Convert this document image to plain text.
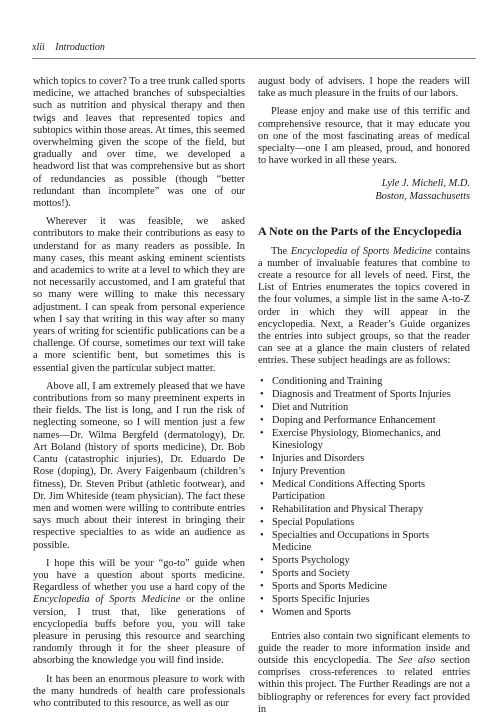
xlii Introduction

which topics to cover? To a tree trunk called sports medicine, we attached branches of subspecialties such as nutrition and physical therapy and then twigs and leaves that represented topics and subtopics within those areas. At times, this seemed overwhelming given the scope of the field, but gradually and over time, we developed a headword list that was comprehensive but as short of redundancies as possible (though “better redundant than incomplete” was one of our mottos!).

Wherever it was feasible, we asked contributors to make their contributions as easy to understand for as many readers as possible. In many cases, this meant asking eminent scientists and academics to write at a level to which they are not necessarily accustomed, and I am grateful that so many were willing to make this necessary adjustment. I can speak from personal experience when I say that writing in this way after so many years of writing for scientific publications can be a challenge. Of course, sometimes our text will take a more scientific bent, but sometimes this is essential given the particular subject matter.

Above all, I am extremely pleased that we have contributions from so many preeminent experts in their fields. The list is long, and I run the risk of neglecting someone, so I will mention just a few names—Dr. Wilma Bergfeld (dermatology), Dr. Art Boland (history of sports medicine), Dr. Bob Cantu (catastrophic injuries), Dr. Eduardo De Rose (doping), Dr. Avery Faigenbaum (children’s fitness), Dr. Steven Pribut (athletic footwear), and Dr. Jim Whiteside (team physician). The fact these men and women were willing to contribute entries says much about their interest in bringing their respective specialties to as wide an audience as possible.

I hope this will be your “go-to” guide when you have a question about sports medicine. Regardless of whether you use a hard copy of the Encyclopedia of Sports Medicine or the online version, I trust that, like generations of encyclopedia buffs before you, you will take pleasure in perusing this resource and searching randomly through it for the sheer pleasure of absorbing the knowledge you will find inside.

It has been an enormous pleasure to work with the many hundreds of health care professionals who contributed to this resource, as well as our

august body of advisers. I hope the readers will take as much pleasure in the fruits of our labors.

Please enjoy and make use of this terrific and comprehensive resource, that it may educate you on one of the most fascinating areas of medical specialty—one I am pleased, proud, and honored to have worked in all these years.

Lyle J. Micheli, M.D.
Boston, Massachusetts
A Note on the Parts of the Encyclopedia

The Encyclopedia of Sports Medicine contains a number of invaluable features that combine to create a resource for all levels of need. First, the List of Entries enumerates the topics covered in the four volumes, a simple list in the same A-to-Z order in which they will appear in the encyclopedia. Next, a Reader’s Guide organizes the entries into subject groups, so that the reader can see at a glance the main clusters of related entries. These subject headings are as follows:

• Conditioning and Training
• Diagnosis and Treatment of Sports Injuries
• Diet and Nutrition
• Doping and Performance Enhancement
• Exercise Physiology, Biomechanics, and Kinesiology
• Injuries and Disorders
• Injury Prevention
• Medical Conditions Affecting Sports Participation
• Rehabilitation and Physical Therapy
• Special Populations
• Specialties and Occupations in Sports Medicine
• Sports Psychology
• Sports and Society
• Sports and Sports Medicine
• Sports Specific Injuries
• Women and Sports

Entries also contain two significant elements to guide the reader to more information inside and outside this encyclopedia. The See also section comprises cross-references to related entries within this project. The Further Readings are not a bibliography or references for every fact provided in
